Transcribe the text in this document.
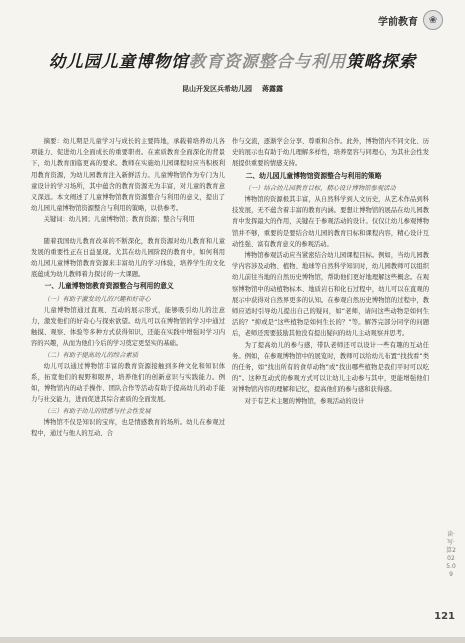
学前教育	❀
幼儿园儿童博物馆教育资源整合与利用策略探索
昆山开发区兵希幼儿园 蒋露露

摘要：幼儿期是儿童学习与成长的主要阵地，承载着培养幼儿各项能力、促进幼儿全面成长的重要职责。在素质教育全面深化的背景下，幼儿教育面临更高的要求。教师在实施幼儿园课程时应当积极利用教育资源，为幼儿园教育注入新鲜活力。儿童博物馆作为专门为儿童设计的学习场所，其中蕴含的教育资源无为丰富，对儿童的教育意义深远。本文阐述了儿童博物馆教育资源整合与利用的意义，提出了幼儿园儿童博物馆资源整合与利用的策略，以供参考。

关键词：幼儿园；儿童博物馆；教育资源；整合与利用

随着我国幼儿教育改革的不断深化，教育资源对幼儿教育和儿童发展的重要性正在日益显现。尤其在幼儿园阶段的教育中，如何利用幼儿园儿童博物馆教育资源来丰富幼儿的学习体验，培养学生的文化底蕴成为幼儿教师着力探讨的一大课题。

一、儿童博物馆教育资源整合与利用的意义
（一）有助于激发幼儿的兴趣和好奇心

儿童博物馆通过直观、互动的展示形式，能够吸引幼儿的注意力，激发他们的好奇心与探索欲望。幼儿可以在博物馆的学习中通过触摸、观察、体验等多种方式获得知识，还能在实践中增强对学习内容的兴趣，从而为他们今后的学习奠定更坚实的基础。

（二）有助于提高幼儿的综合素质

幼儿可以通过博物馆丰富的教育资源接触到多种文化和知识体系，拓宽他们的视野和眼界，培养他们的创新意识与实践能力。例如，博物馆内的动手操作、团队合作等活动有助于提高幼儿的动手能力与社交能力，进而促进其综合素质的全面发展。

（三）有助于幼儿的情感与社会性发展

博物馆不仅是知识的宝库，也是情感教育的场所。幼儿在参观过程中，通过与他人的互动、合

作与交流，逐渐学会分享、尊重和合作。此外，博物馆内不同文化、历史的展示也有助于幼儿理解多样性，培养宽容与同理心，为其社会性发展提供重要的情感支持。

二、幼儿园儿童博物馆资源整合与利用的策略
（一）结合幼儿园教育目标，精心设计博物馆参观活动

博物馆的资源极其丰富，从自然科学到人文历史，从艺术作品到科技发展，无不蕴含着丰富的教育内涵。要想让博物馆的展品在幼儿园教育中发挥最大的作用，关键在于参观活动的设计。仅仅让幼儿参观博物馆并不够，重要的是要结合幼儿园的教育目标和课程内容，精心设计互动性强、富有教育意义的参观活动。

博物馆参观活动应当紧密结合幼儿园课程目标。例如，当幼儿园教学内容涉及动物、植物、地球等自然科学知识时，幼儿园教师可以组织幼儿前往当地的自然历史博物馆，帮助他们更好地理解这些概念。在观察博物馆中的动植物标本、地质岩石和化石过程中，幼儿可以在直观的展示中获得对自然界更多的认知。在参观自然历史博物馆的过程中，教师应适时引导幼儿提出自己的疑问，如“老师，请问这些动物是如何生活的？”抑或是“这些植物是如何生长的？”等。解答完部分同学的问题后，老师还需要鼓励其他没有提出疑问的幼儿主动观察并思考。

为了提高幼儿的参与感，带队老师还可以设计一些有趣的互动任务。例如，在参观博物馆中的展览时，教师可以给幼儿布置“找找看”类的任务，如“找出所有的食草动物”或“找出哪些植物是我们平时可以吃的”。这种互动式的参观方式可以让幼儿主动参与其中，更能增强他们对博物馆内容的理解和记忆，提高他们的参与感和获得感。

对于有艺术主题的博物馆，参观活动的设计

读·写·算2025.09
121
